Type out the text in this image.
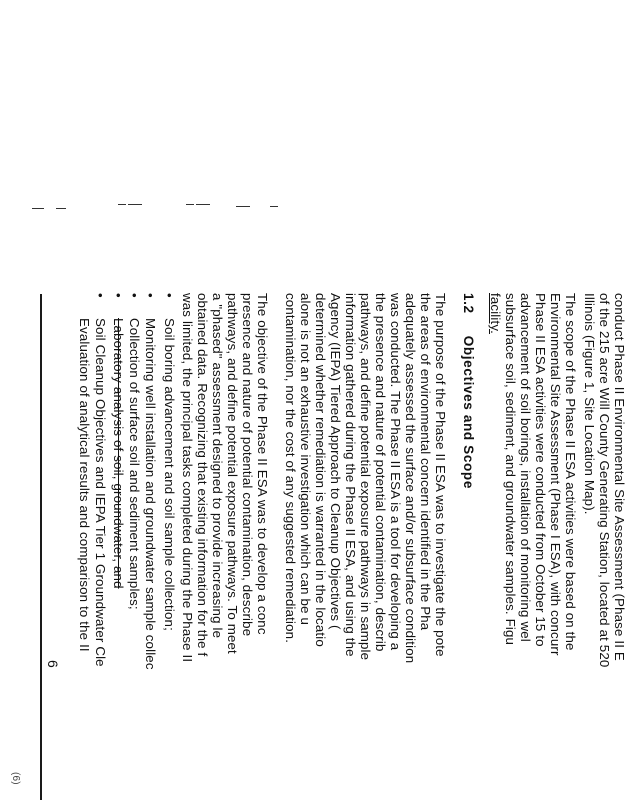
6
(6)
•
Soil Cleanup Objectives and IEPA Tier 1 Groundwater Cle
•
Laboratory analysis of soil, groundwater, and
•
Collection of surface soil and sediment samples;
•
Monitoring well installation and groundwater sample collec
•
Soil boring advancement and soil sample collection;
Evaluation of analytical results and comparison to the II	was limited, the principal tasks completed during the Phase II obtained data. Recognizing that existing information for the f a "phased" assessment designed to provide increasing le pathways, and define potential exposure pathways. To meet presence and nature of potential contamination, describe The objective of the Phase II ESA was to develop a conc contamination, nor the cost of any suggested remediation. alone is not an exhaustive investigation which can be u determined whether remediation is warranted in the locatio Agency (IEPA) Tiered Approach to Cleanup Objectives ( information gathered during the Phase II ESA, and using the pathways, and define potential exposure pathways in sample the presence and nature of potential contamination, describ was conducted. The Phase II ESA is a tool for developing a adequately assessed the surface and/or subsurface condition the areas of environmental concern identified in the Pha The purpose of the Phase II ESA was to investigate the pote 1.2Objectives and Scope
facility. subsurface soil, sediment, and groundwater samples. Figu advancement of soil borings, installation of monitoring wel Phase II ESA activities were conducted from October 15 to Environmental Site Assessment (Phase I ESA), with concurr The scope of the Phase II ESA activities were based on the Illinois (Figure 1, Site Location Map). of the 215 acre Will County Generating Station, located at 520 conduct Phase II Environmental Site Assessment (Phase II E
